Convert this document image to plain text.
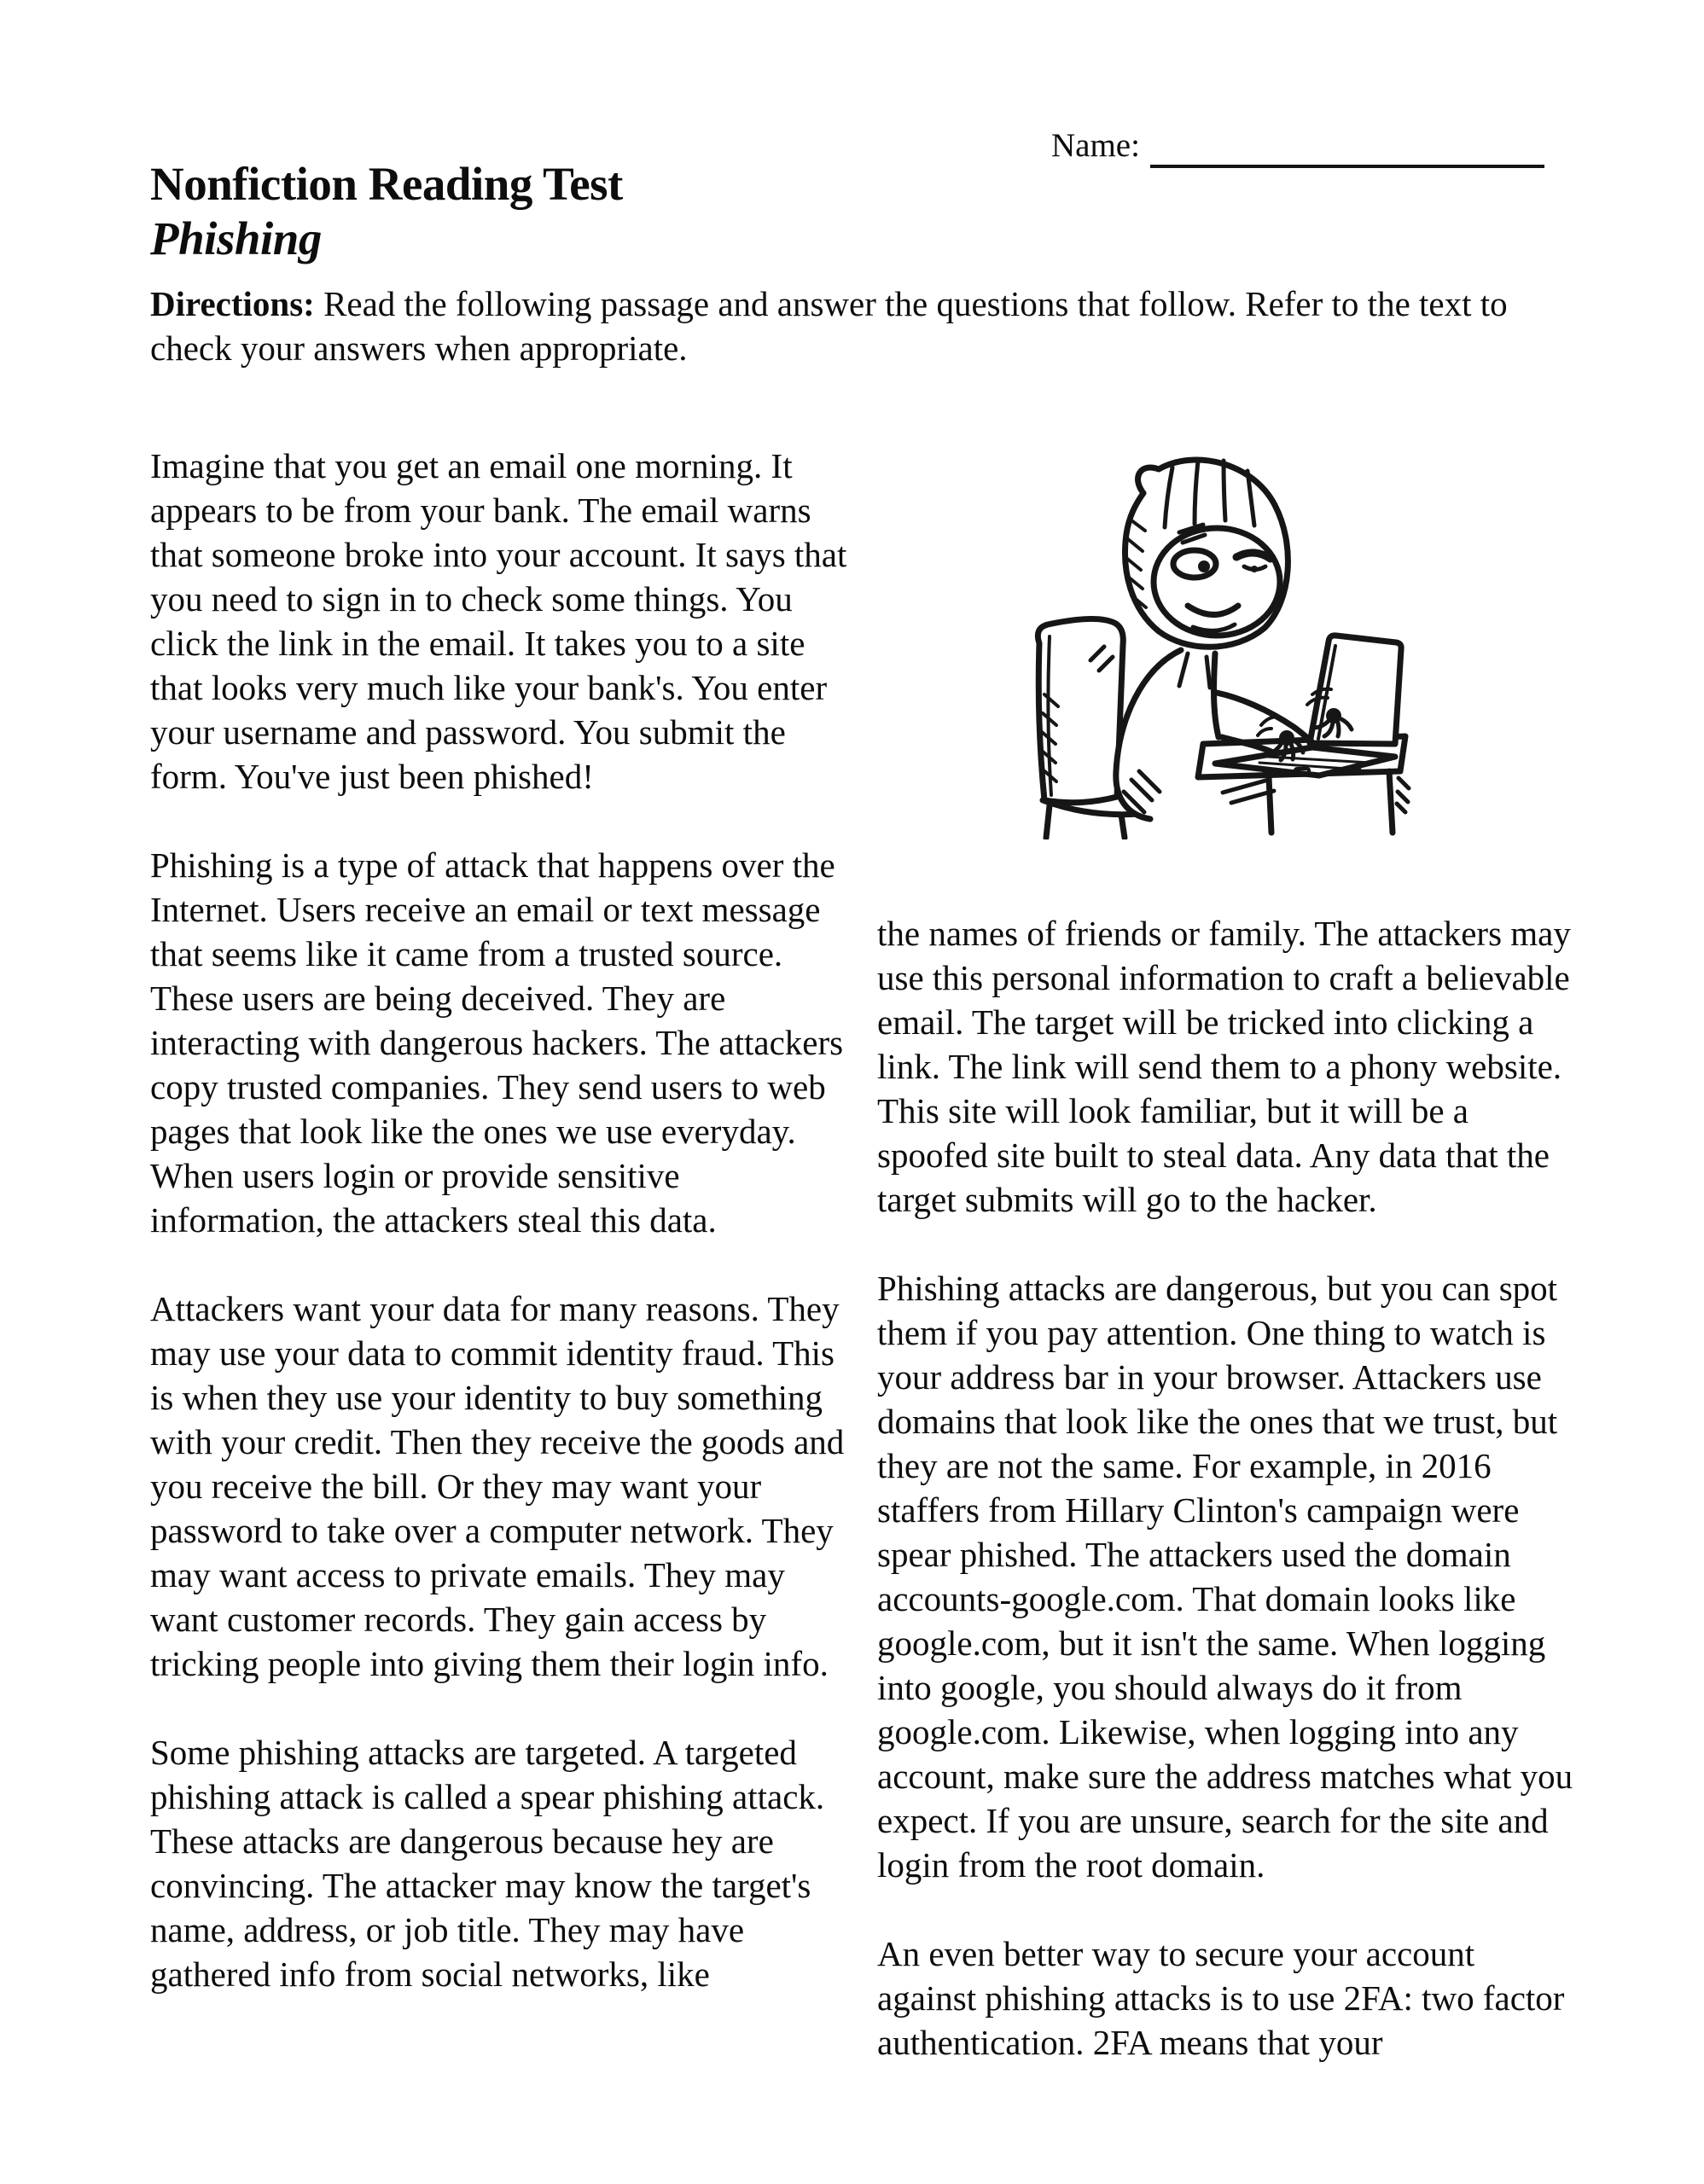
Name:
Nonfiction Reading Test
Phishing

Directions: Read the following passage and answer the questions that follow. Refer to the text to check your answers when appropriate.

Imagine that you get an email one morning. It appears to be from your bank. The email warns that someone broke into your account. It says that you need to sign in to check some things. You click the link in the email. It takes you to a site that looks very much like your bank's. You enter your username and password. You submit the form. You've just been phished!

Phishing is a type of attack that happens over the Internet. Users receive an email or text message that seems like it came from a trusted source. These users are being deceived. They are interacting with dangerous hackers. The attackers copy trusted companies. They send users to web pages that look like the ones we use everyday. When users login or provide sensitive information, the attackers steal this data.

Attackers want your data for many reasons. They may use your data to commit identity fraud. This is when they use your identity to buy something with your credit. Then they receive the goods and you receive the bill. Or they may want your password to take over a computer network. They may want access to private emails. They may want customer records. They gain access by tricking people into giving them their login info.

Some phishing attacks are targeted. A targeted phishing attack is called a spear phishing attack. These attacks are dangerous because hey are convincing. The attacker may know the target's name, address, or job title. They may have gathered info from social networks, like

the names of friends or family. The attackers may use this personal information to craft a believable email. The target will be tricked into clicking a link. The link will send them to a phony website. This site will look familiar, but it will be a spoofed site built to steal data. Any data that the target submits will go to the hacker.

Phishing attacks are dangerous, but you can spot them if you pay attention. One thing to watch is your address bar in your browser. Attackers use domains that look like the ones that we trust, but they are not the same. For example, in 2016 staffers from Hillary Clinton's campaign were spear phished. The attackers used the domain accounts-google.com. That domain looks like google.com, but it isn't the same. When logging into google, you should always do it from google.com. Likewise, when logging into any account, make sure the address matches what you expect. If you are unsure, search for the site and login from the root domain.

An even better way to secure your account against phishing attacks is to use 2FA: two factor authentication. 2FA means that your
